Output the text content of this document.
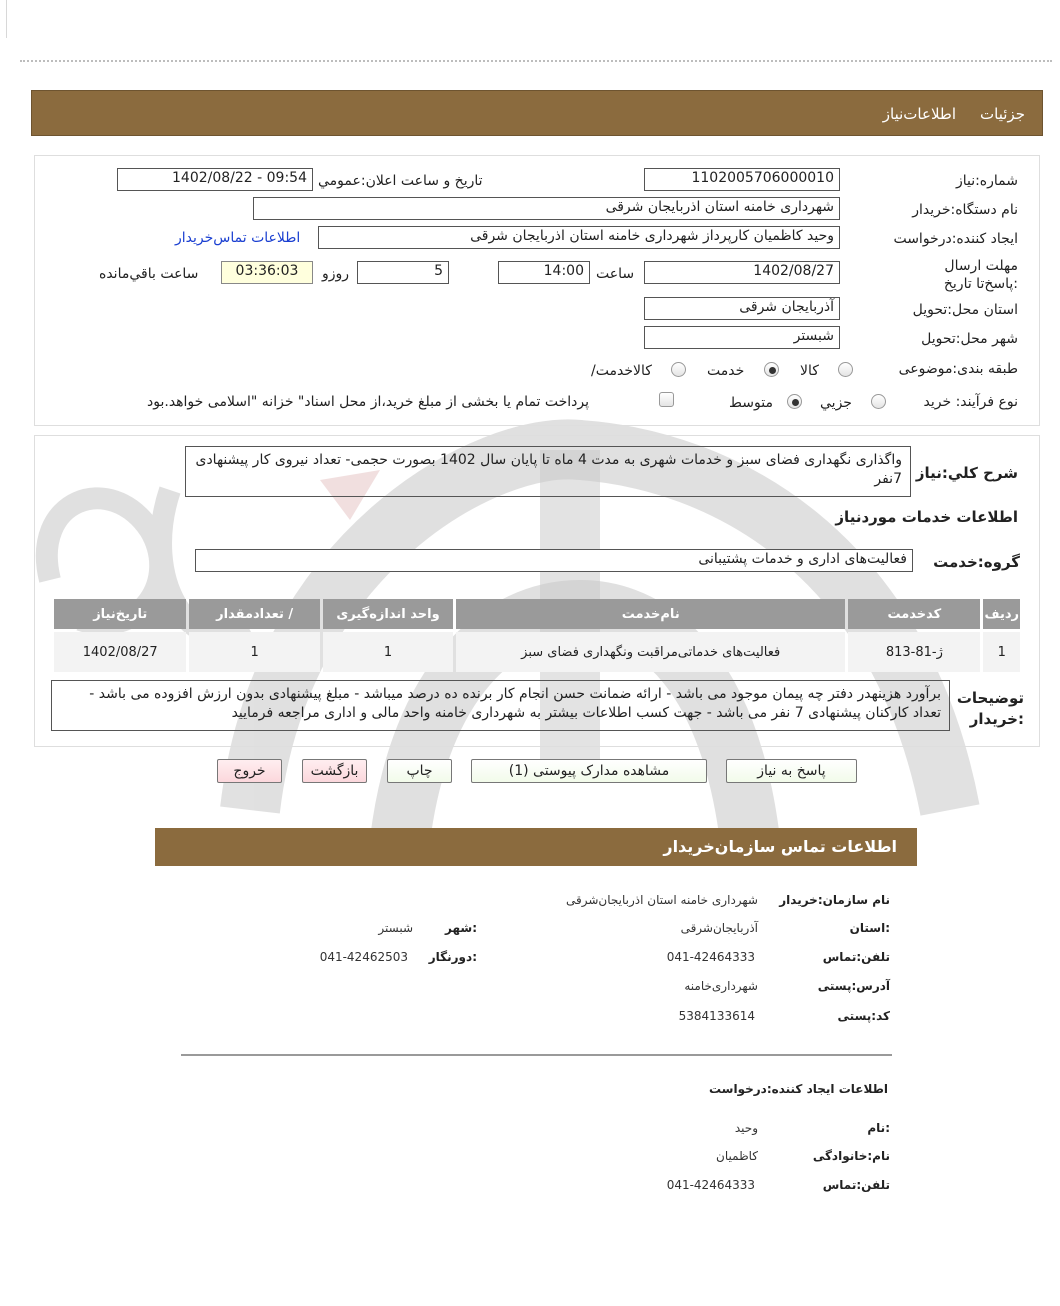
جزئیات
اطلاعات‌نیاز
شماره:نیاز
1102005706000010
تاریخ و ساعت اعلان:عمومي
1402/08/22 - 09:54
نام دستگاه:خريدار
شهرداری خامنه استان اذربایجان شرقی
ايجاد كننده:درخواست
وحید کاظمیان کارپرداز شهرداری خامنه استان اذربایجان شرقی
اطلاعات تماس‌خريدار
مهلت ارسال :پاسخ‌تا تاريخ
1402/08/27
ساعت
14:00
5
روزو
03:36:03
ساعت باقي‌مانده
استان محل:تحویل
آذربایجان شرقی
شهر محل:تحویل
شبستر
طبقه بندی:موضوعی
كالا
خدمت
/كالاخدمت
نوع فرآیند: خريد
جزيي
متوسط
پرداخت تمام يا بخشی از مبلغ خريد،از محل اسناد" خزانه "اسلامی خواهد.بود
شرح کلي:نیاز
واگذاری نگهداری فضای سبز و خدمات شهری به مدت 4 ماه تا پایان سال 1402 بصورت حجمی- تعداد نیروی کار پیشنهادی 7نفر
اطلاعات خدمات موردنیاز
گروه:خدمت
فعالیت‌های اداری و خدمات پشتیبانی
رديف	كدخدمت	نام‌خدمت	واحد اندازه‌گيری	/ تعدادمقدار	تاريخ‌نیاز
1	ژ-81-813	فعالیت‌های خدماتی‌مراقبت ونگهداری فضای سبز	1	1	1402/08/27
توضيحات :خريدار
برآورد هزینهدر دفتر چه پیمان موجود می باشد - ارائه ضمانت حسن انجام کار برنده ده درصد میباشد - مبلغ پیشنهادی بدون ارزش افزوده می باشد - تعداد کارکنان پیشنهادی 7 نفر می باشد - جهت کسب اطلاعات بیشتر به شهرداری خامنه واحد مالی و اداری مراجعه فرمایید
پاسخ به نياز
مشاهده مدارک پیوستی (1)
چاپ
بازگشت
خروج
اطلاعات تماس سازمان‌خريدار
نام سازمان:خريدار
شهرداری خامنه استان اذربایجان‌شرقی
استان:
آذربایجان‌شرقی
شهر:
شبستر
تلفن:تماس
041-42464333
دورنگار:
041-42462503
آدرس:پستی
شهرداری‌خامنه
کد:پستی
5384133614
اطلاعات ايجاد كننده:درخواست
نام:
وحيد
نام:خانوادگی
کاظمیان
تلفن:تماس
041-42464333
